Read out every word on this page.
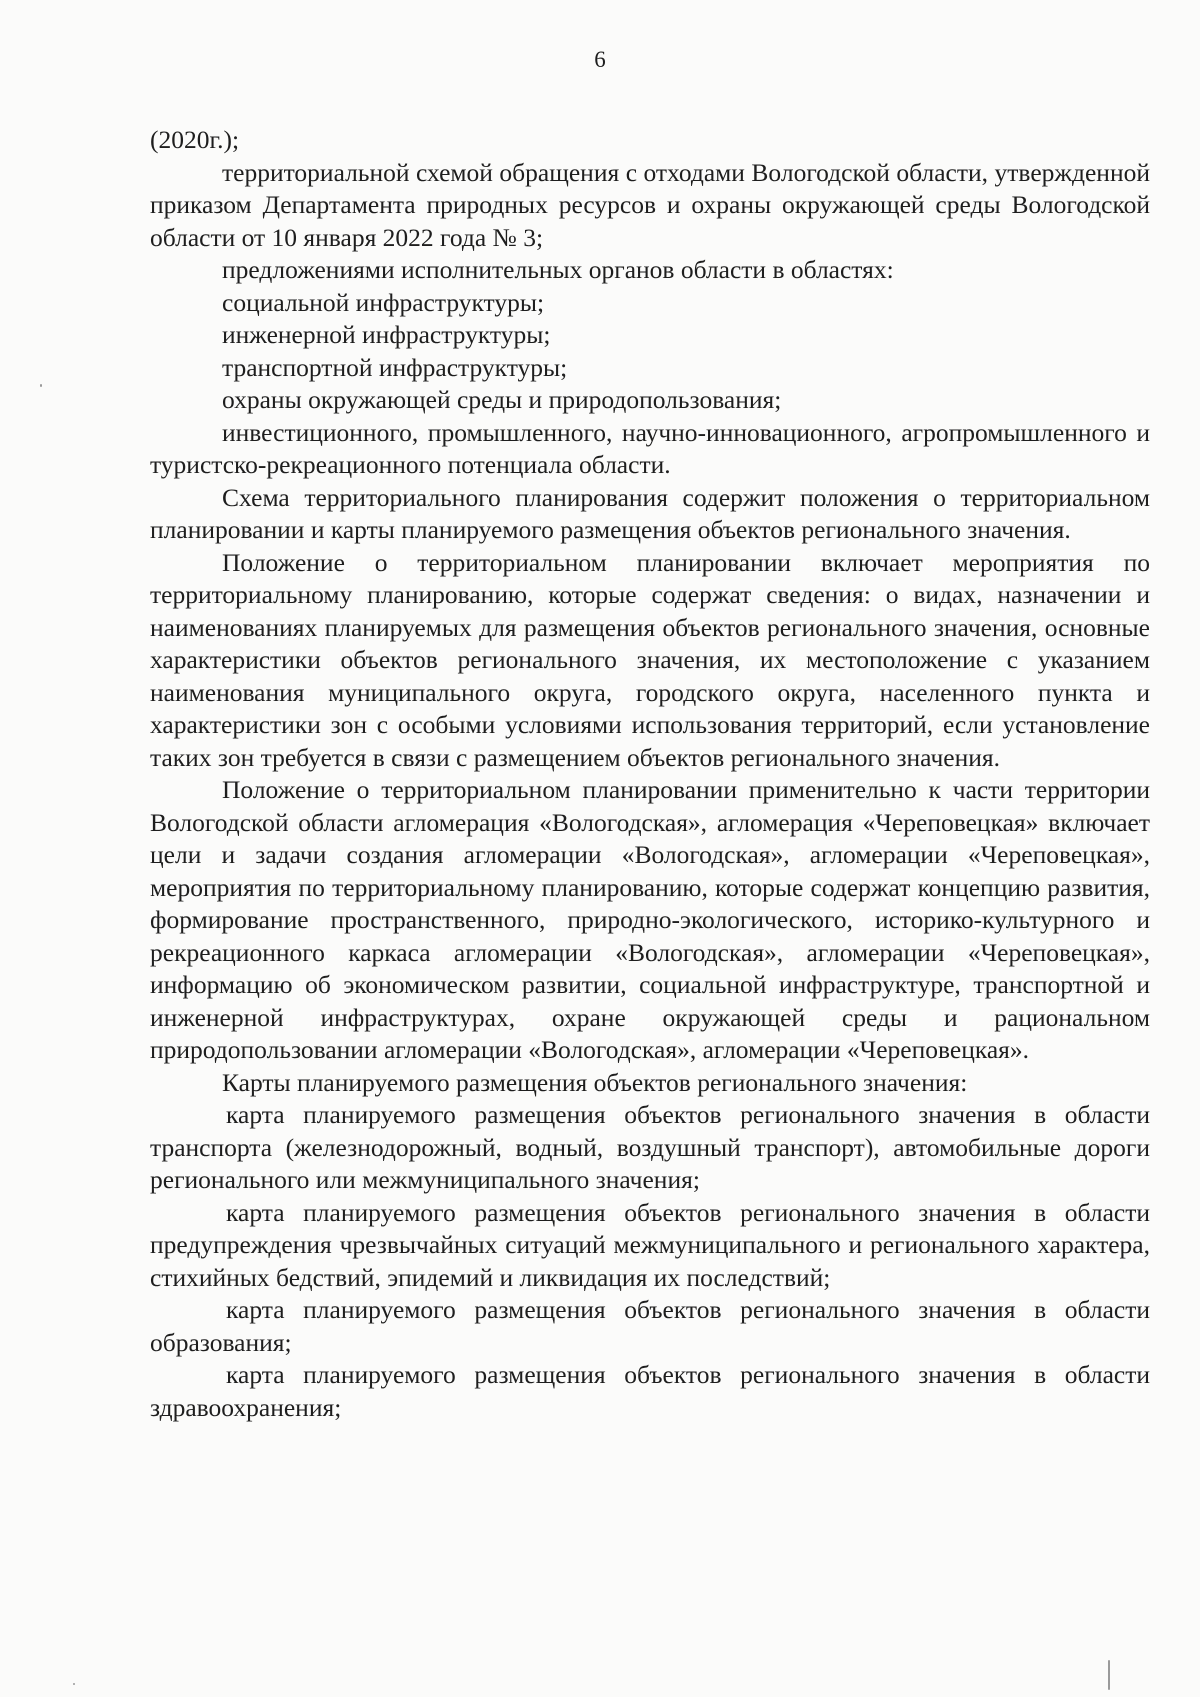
6

(2020г.);

территориальной схемой обращения с отходами Вологодской области, утвержденной приказом Департамента природных ресурсов и охраны окружающей среды Вологодской области от 10 января 2022 года № 3;

предложениями исполнительных органов области в областях:

социальной инфраструктуры;

инженерной инфраструктуры;

транспортной инфраструктуры;

охраны окружающей среды и природопользования;

инвестиционного, промышленного, научно-инновационного, агропромышленного и туристско-рекреационного потенциала области.

Схема территориального планирования содержит положения о территориальном планировании и карты планируемого размещения объектов регионального значения.

Положение о территориальном планировании включает мероприятия по территориальному планированию, которые содержат сведения: о видах, назначении и наименованиях планируемых для размещения объектов регионального значения, основные характеристики объектов регионального значения, их местоположение с указанием наименования муниципального округа, городского округа, населенного пункта и характеристики зон с особыми условиями использования территорий, если установление таких зон требуется в связи с размещением объектов регионального значения.

Положение о территориальном планировании применительно к части территории Вологодской области агломерация «Вологодская», агломерация «Череповецкая» включает цели и задачи создания агломерации «Вологодская», агломерации «Череповецкая», мероприятия по территориальному планированию, которые содержат концепцию развития, формирование пространственного, природно-экологического, историко-культурного и рекреационного каркаса агломерации «Вологодская», агломерации «Череповецкая», информацию об экономическом развитии, социальной инфраструктуре, транспортной и инженерной инфраструктурах, охране окружающей среды и рациональном природопользовании агломерации «Вологодская», агломерации «Череповецкая».

Карты планируемого размещения объектов регионального значения:

карта планируемого размещения объектов регионального значения в области транспорта (железнодорожный, водный, воздушный транспорт), автомобильные дороги регионального или межмуниципального значения;

карта планируемого размещения объектов регионального значения в области предупреждения чрезвычайных ситуаций межмуниципального и регионального характера, стихийных бедствий, эпидемий и ликвидация их последствий;

карта планируемого размещения объектов регионального значения в области образования;

карта планируемого размещения объектов регионального значения в области здравоохранения;
